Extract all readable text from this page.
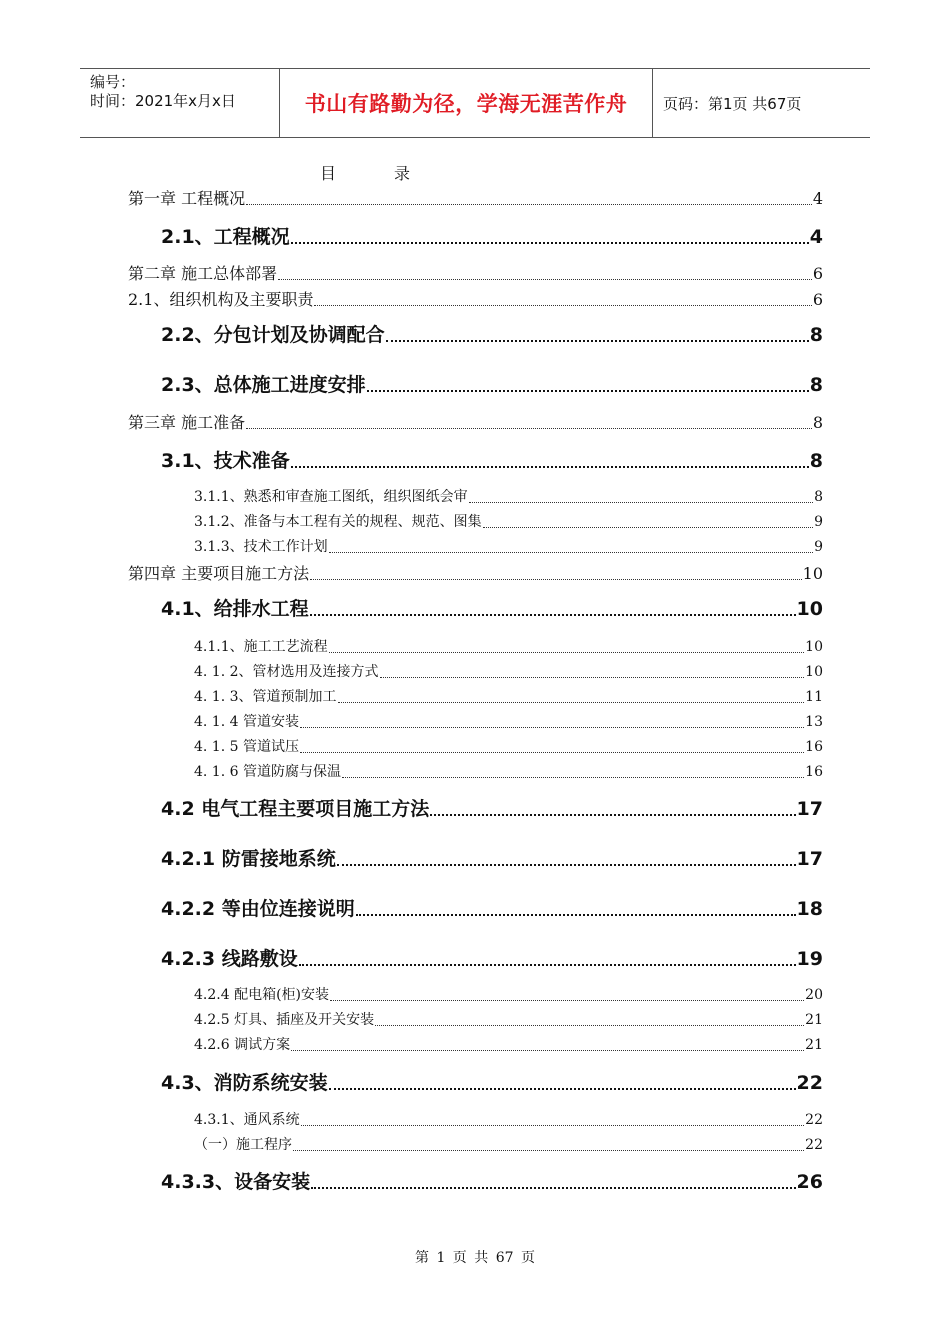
编号：
时间：2021年x月x日	书山有路勤为径，学海无涯苦作舟	页码：第1页 共67页
目	录
第一章 工程概况	4
2.1、工程概况	4
第二章 施工总体部署	6
2.1、组织机构及主要职责	6
2.2、分包计划及协调配合	8
2.3、总体施工进度安排	8
第三章 施工准备	8
3.1、技术准备	8
3.1.1、熟悉和审查施工图纸，组织图纸会审	8
3.1.2、准备与本工程有关的规程、规范、图集	9
3.1.3、技术工作计划	9
第四章 主要项目施工方法	10
4.1、给排水工程	10
4.1.1、施工工艺流程	10
4. 1. 2、管材选用及连接方式	10
4. 1. 3、管道预制加工	11
4. 1. 4 管道安装	13
4. 1. 5 管道试压	16
4. 1. 6 管道防腐与保温	16
4.2 电气工程主要项目施工方法	17
4.2.1 防雷接地系统	17
4.2.2 等由位连接说明	18
4.2.3 线路敷设	19
4.2.4 配电箱(柜)安装	20
4.2.5 灯具、插座及开关安装	21
4.2.6 调试方案	21
4.3、消防系统安装	22
4.3.1、通风系统	22
（一）施工程序	22
4.3.3、设备安装	26
第 1 页 共 67 页
